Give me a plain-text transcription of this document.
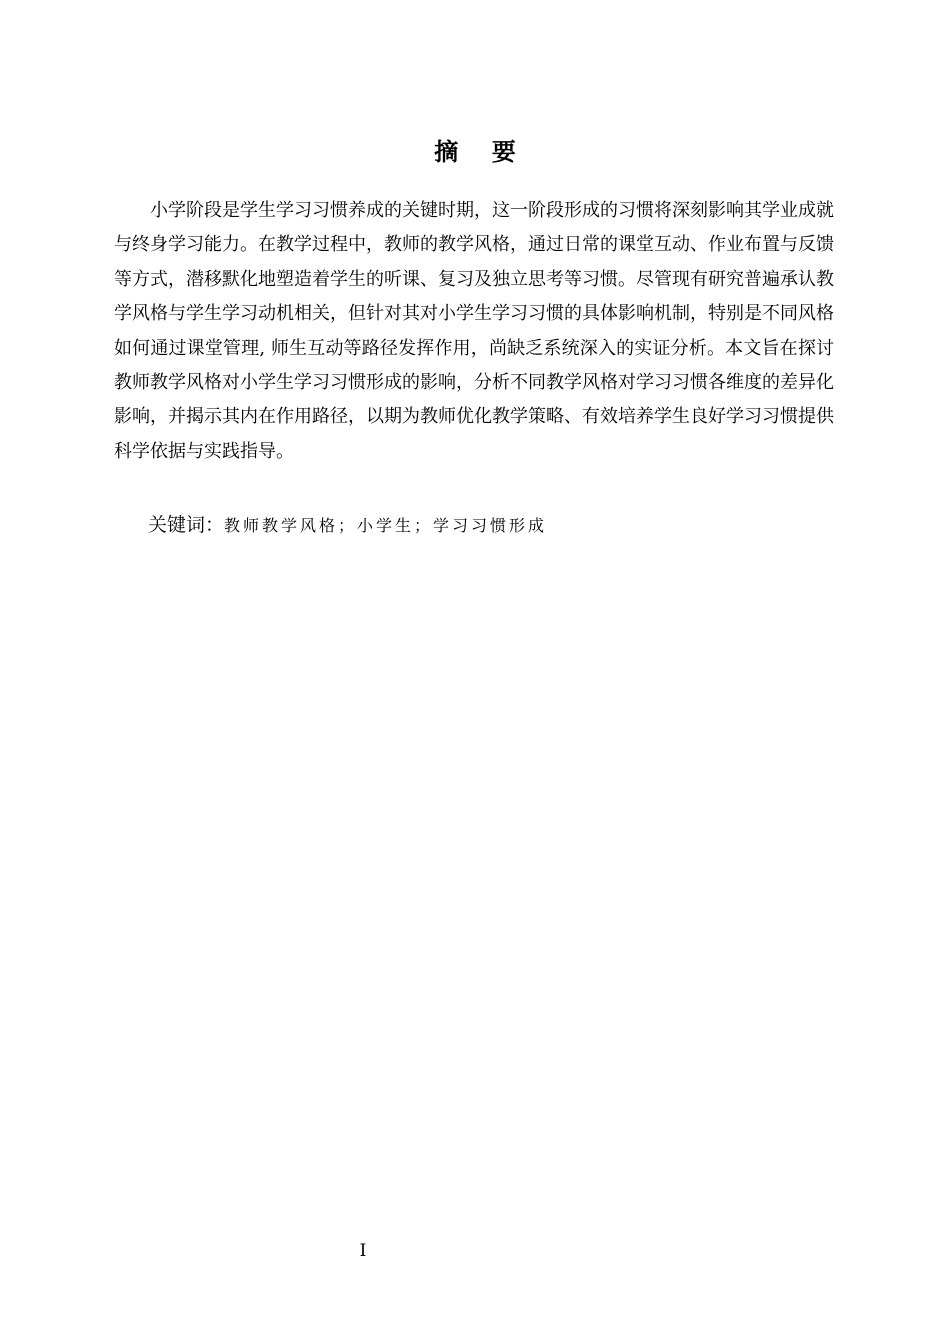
摘    要

小学阶段是学生学习习惯养成的关键时期，这一阶段形成的习惯将深刻影响其学业成就与终身学习能力。在教学过程中，教师的教学风格，通过日常的课堂互动、作业布置与反馈等方式，潜移默化地塑造着学生的听课、复习及独立思考等习惯。尽管现有研究普遍承认教学风格与学生学习动机相关，但针对其对小学生学习习惯的具体影响机制，特别是不同风格如何通过课堂管理, 师生互动等路径发挥作用，尚缺乏系统深入的实证分析。本文旨在探讨教师教学风格对小学生学习习惯形成的影响，分析不同教学风格对学习习惯各维度的差异化影响，并揭示其内在作用路径，以期为教师优化教学策略、有效培养学生良好学习习惯提供科学依据与实践指导。

关键词：教师教学风格；小学生；学习习惯形成
I
